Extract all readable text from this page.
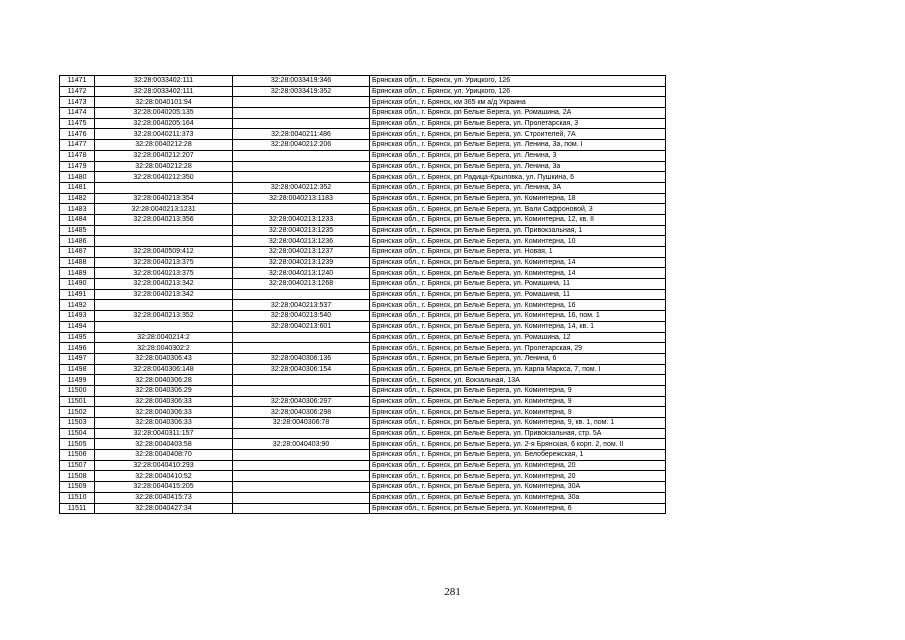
11471	32:28:0033402:111	32:28:0033419:346	Брянская обл., г. Брянск, ул. Урицкого, 126
11472	32:28:0033402:111	32:28:0033419:352	Брянская обл., г. Брянск, ул. Урицкого, 126
11473	32:28:0040101:94		Брянская обл., г. Брянск, км 365 км а/д Украина
11474	32:28:0040205:135		Брянская обл., г. Брянск, рп Белые Берега, ул. Ромашина, 2А
11475	32:28:0040205:164		Брянская обл., г. Брянск, рп Белые Берега, ул. Пролетарская, 3
11476	32:28:0040211:373	32:28:0040211:486	Брянская обл., г. Брянск, рп Белые Берега, ул. Строителей, 7А
11477	32:28:0040212:28	32:28:0040212:206	Брянская обл., г. Брянск, рп Белые Берега, ул. Ленина, 3а, пом. I
11478	32:28:0040212:207		Брянская обл., г. Брянск, рп Белые Берега, ул. Ленина, 3
11479	32:28:0040212:28		Брянская обл., г. Брянск, рп Белые Берега, ул. Ленина, 3а
11480	32:28:0040212:350		Брянская обл., г. Брянск, рп Радица-Крыловка, ул. Пушкина, 6
11481		32:28:0040212:352	Брянская обл., г. Брянск, рп Белые Берега, ул. Ленина, 3А
11482	32:28:0040213:354	32:28:0040213:1183	Брянская обл., г. Брянск, рп Белые Берега, ул. Коминтерна, 18
11483	32:28:0040213:1231		Брянская обл., г. Брянск, рп Белые Берега, ул. Вали Сафроновой, 3
11484	32:28:0040213:356	32:28:0040213:1233	Брянская обл., г. Брянск, рп Белые Берега, ул. Коминтерна, 12, кв. II
11485		32:28:0040213:1235	Брянская обл., г. Брянск, рп Белые Берега, ул. Привокзальная, 1
11486		32:28:0040213:1236	Брянская обл., г. Брянск, рп Белые Берега, ул. Коминтерна, 10
11487	32:28:0040509:412	32:28:0040213:1237	Брянская обл., г. Брянск, рп Белые Берега, ул. Новая, 1
11488	32:28:0040213:375	32:28:0040213:1239	Брянская обл., г. Брянск, рп Белые Берега, ул. Коминтерна, 14
11489	32:28:0040213:375	32:28:0040213:1240	Брянская обл., г. Брянск, рп Белые Берега, ул. Коминтерна, 14
11490	32:28:0040213:342	32:28:0040213:1268	Брянская обл., г. Брянск, рп Белые Берега, ул. Ромашина, 11
11491	32:28:0040213:342		Брянская обл., г. Брянск, рп Белые Берега, ул. Ромашина, 11
11492		32:28:0040213:537	Брянская обл., г. Брянск, рп Белые Берега, ул. Коминтерна, 16
11493	32:28:0040213:352	32:28:0040213:540	Брянская обл., г. Брянск, рп Белые Берега, ул. Коминтерна, 16, пом. 1
11494		32:28:0040213:601	Брянская обл., г. Брянск, рп Белые Берега, ул. Коминтерна, 14, кв. 1
11495	32:28:0040214:2		Брянская обл., г. Брянск, рп Белые Берега, ул. Ромашина, 12
11496	32:28:0040302:2		Брянская обл., г. Брянск, рп Белые Берега, ул. Пролетарская, 29
11497	32:28:0040306:43	32:28:0040306:136	Брянская обл., г. Брянск, рп Белые Берега, ул. Ленина, 6
11498	32:28:0040306:148	32:28:0040306:154	Брянская обл., г. Брянск, рп Белые Берега, ул. Карла Маркса, 7, пом. I
11499	32:28:0040306:28		Брянская обл., г. Брянск, ул. Вокзальная, 13А
11500	32:28:0040306:29		Брянская обл., г. Брянск, рп Белые Берега, ул. Коминтерна, 9
11501	32:28:0040306:33	32:28:0040306:297	Брянская обл., г. Брянск, рп Белые Берега, ул. Коминтерна, 9
11502	32:28:0040306:33	32:28:0040306:298	Брянская обл., г. Брянск, рп Белые Берега, ул. Коминтерна, 9
11503	32:28:0040306:33	32:28:0040306:78	Брянская обл., г. Брянск, рп Белые Берега, ул. Коминтерна, 9, кв. 1, пом. 1
11504	32:28:0040311:157		Брянская обл., г. Брянск, рп Белые Берега, ул. Привокзальная, стр. 5А
11505	32:28:0040403:58	32:28:0040403:90	Брянская обл., г. Брянск, рп Белые Берега, ул. 2-я Брянская, 6 корп. 2, пом. II
11506	32:28:0040408:70		Брянская обл., г. Брянск, рп Белые Берега, ул. Белобережская, 1
11507	32:28:0040410:293		Брянская обл., г. Брянск, рп Белые Берега, ул. Коминтерна, 20
11508	32:28:0040410:52		Брянская обл., г. Брянск, рп Белые Берега, ул. Коминтерна, 20
11509	32:28:0040415:205		Брянская обл., г. Брянск, рп Белые Берега, ул. Коминтерна, 30А
11510	32:28:0040415:73		Брянская обл., г. Брянск, рп Белые Берега, ул. Коминтерна, 30а
11511	32:28:0040427:34		Брянская обл., г. Брянск, рп Белые Берега, ул. Коминтерна, 6
281
